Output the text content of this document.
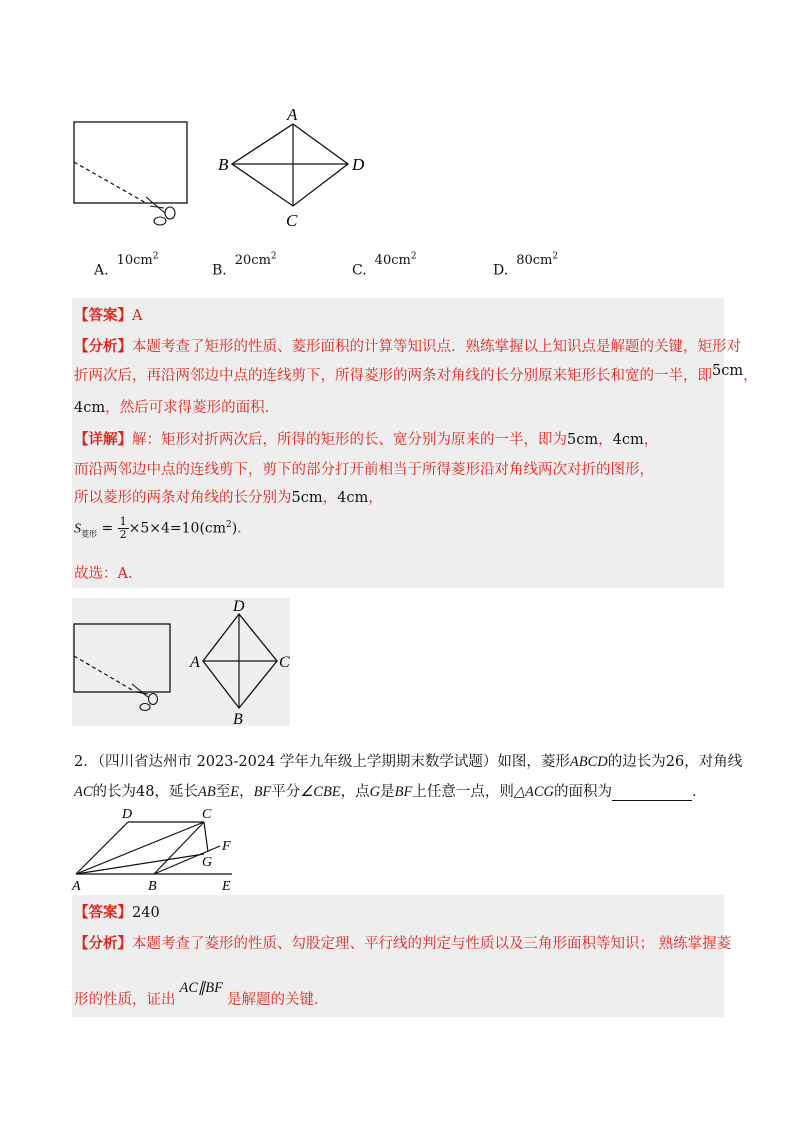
A
B	D
C
$A.10cm^2$
$B.20cm^2$
$C.40cm^2$
$D.80cm^2$
【答案】A
【分析】本题考查了矩形的性质、菱形面积的计算等知识点．熟练掌握以上知识点是解题的关键，矩形对
折两次后，再沿两邻边中点的连线剪下，所得菱形的两条对角线的长分别原来矩形长和宽的一半，即5cm，
4cm，然后可求得菱形的面积．
【详解】解：矩形对折两次后，所得的矩形的长、宽分别为原来的一半，即为5cm，4cm，
而沿两邻边中点的连线剪下，剪下的部分打开前相当于所得菱形沿对角线两次对折的图形，
所以菱形的两条对角线的长分别为5cm，4cm，
$S_{菱形} = \frac{1}{2}\times 5\times 4=10(cm^2)$．
故选：A．
D
A	C
B
2．（四川省达州市 2023-2024 学年九年级上学期期末数学试题）如图，菱形ABCD的边长为26，对角线
AC的长为48，延长AB至E，BF平分∠CBE，点G是BF上任意一点，则△ACG的面积为	．
D	C
F
G
A	B	E
【答案】240
【分析】本题考查了菱形的性质、勾股定理、平行线的判定与性质以及三角形面积等知识； 熟练掌握菱
形的性质，证出AC∥BF是解题的关键．
